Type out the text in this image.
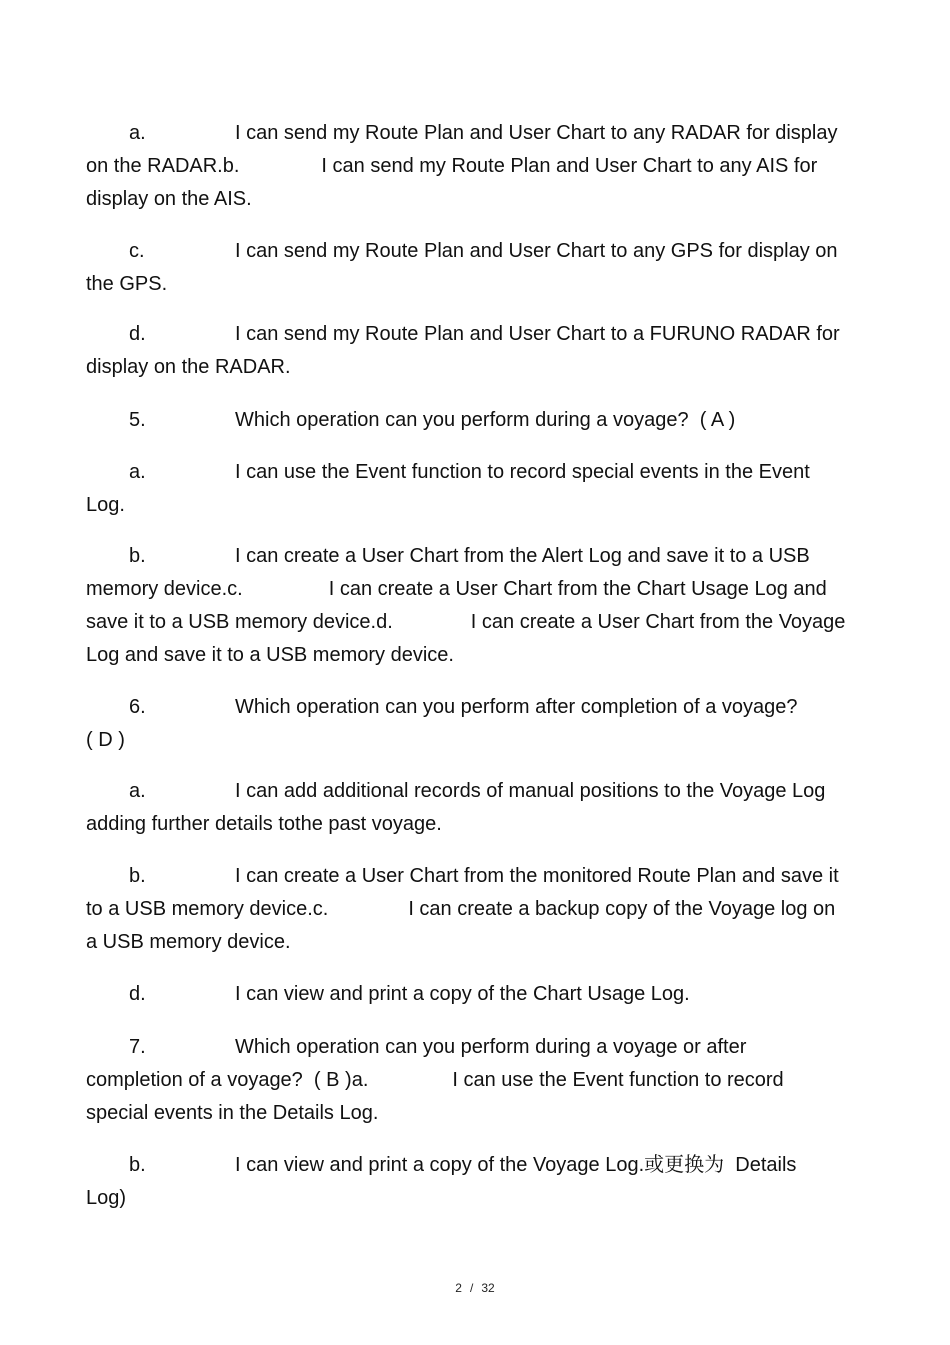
a.	I can send my Route Plan and User Chart to any RADAR for display
on the RADAR.b.	I can send my Route Plan and User Chart to any AIS for
display on the AIS.
c.	I can send my Route Plan and User Chart to any GPS for display on
the GPS.
d.	I can send my Route Plan and User Chart to a FURUNO RADAR for
display on the RADAR.
5.	Which operation can you perform during a voyage?  ( A )
a.	I can use the Event function to record special events in the Event
Log.
b.	I can create a User Chart from the Alert Log and save it to a USB
memory device.c.	I can create a User Chart from the Chart Usage Log and
save it to a USB memory device.d.	I can create a User Chart from the Voyage
Log and save it to a USB memory device.
6.	Which operation can you perform after completion of a voyage?
( D )
a.	I can add additional records of manual positions to the Voyage Log
adding further details tothe past voyage.
b.	I can create a User Chart from the monitored Route Plan and save it
to a USB memory device.c.	I can create a backup copy of the Voyage log on
a USB memory device.
d.	I can view and print a copy of the Chart Usage Log.
7.	Which operation can you perform during a voyage or after
completion of a voyage?  ( B )a.	I can use the Event function to record
special events in the Details Log.
b.	I can view and print a copy of the Voyage Log.或更换为  Details
Log)
2 / 32
